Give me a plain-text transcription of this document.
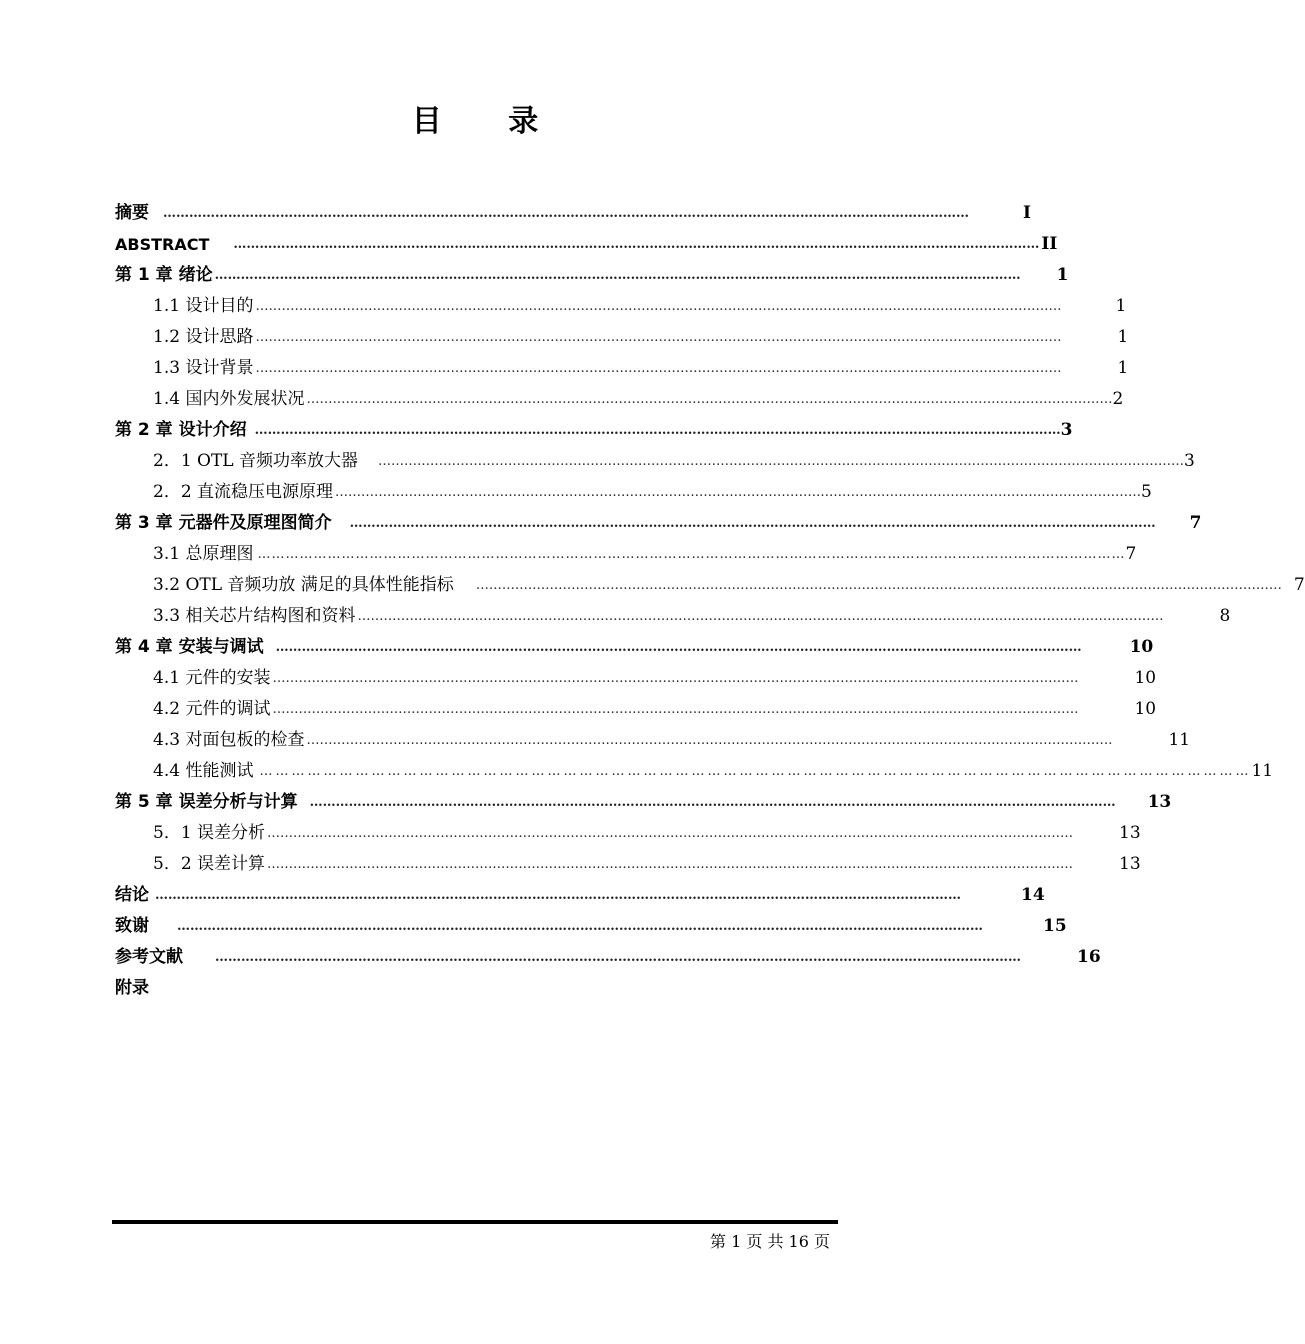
目 录
摘要 ……………………………………………………………………………………………………………………………………………………………………	I
ABSTRACT …………………………………………………………………………………………………………………………………………………………………… II
第 1 章 绪论 …………………………………………………………………………………………………………………………………………………………………… 1
1.1 设计目的 ……………………………………………………………………………………………………………………………………………………………………	1
1.2 设计思路 ……………………………………………………………………………………………………………………………………………………………………	1
1.3 设计背景 ……………………………………………………………………………………………………………………………………………………………………	1
1.4 国内外发展状况 …………………………………………………………………………………………………………………………………………………………………… 2
第 2 章 设计介绍 …………………………………………………………………………………………………………………………………………………………………… 3
2．1 OTL 音频功率放大器 …………………………………………………………………………………………………………………………………………………………………… 3
2．2 直流稳压电源原理 …………………………………………………………………………………………………………………………………………………………………… 5
第 3 章 元器件及原理图简介 …………………………………………………………………………………………………………………………………………………………………… 7
3.1 总原理图 …………………………………………………………………………………………………………………………………………………………………… 7
3.2 OTL 音频功放 满足的具体性能指标 …………………………………………………………………………………………………………………………………………………………………… 7
3.3 相关芯片结构图和资料 ……………………………………………………………………………………………………………………………………………………………………	8
第 4 章 安装与调试 ……………………………………………………………………………………………………………………………………………………………………	10
4.1 元件的安装 ……………………………………………………………………………………………………………………………………………………………………	10
4.2 元件的调试 ……………………………………………………………………………………………………………………………………………………………………	10
4.3 对面包板的检查 ……………………………………………………………………………………………………………………………………………………………………	11
4.4 性能测试 …………………………………………………………………………………………………………………………………………………………………… 11
第 5 章 误差分析与计算 …………………………………………………………………………………………………………………………………………………………………… 13
5．1 误差分析 ……………………………………………………………………………………………………………………………………………………………………	13
5．2 误差计算 ……………………………………………………………………………………………………………………………………………………………………	13
结论 ……………………………………………………………………………………………………………………………………………………………………	14
致谢 ……………………………………………………………………………………………………………………………………………………………………	15
参考文献 ……………………………………………………………………………………………………………………………………………………………………	16
附录
第 1 页 共 16 页
